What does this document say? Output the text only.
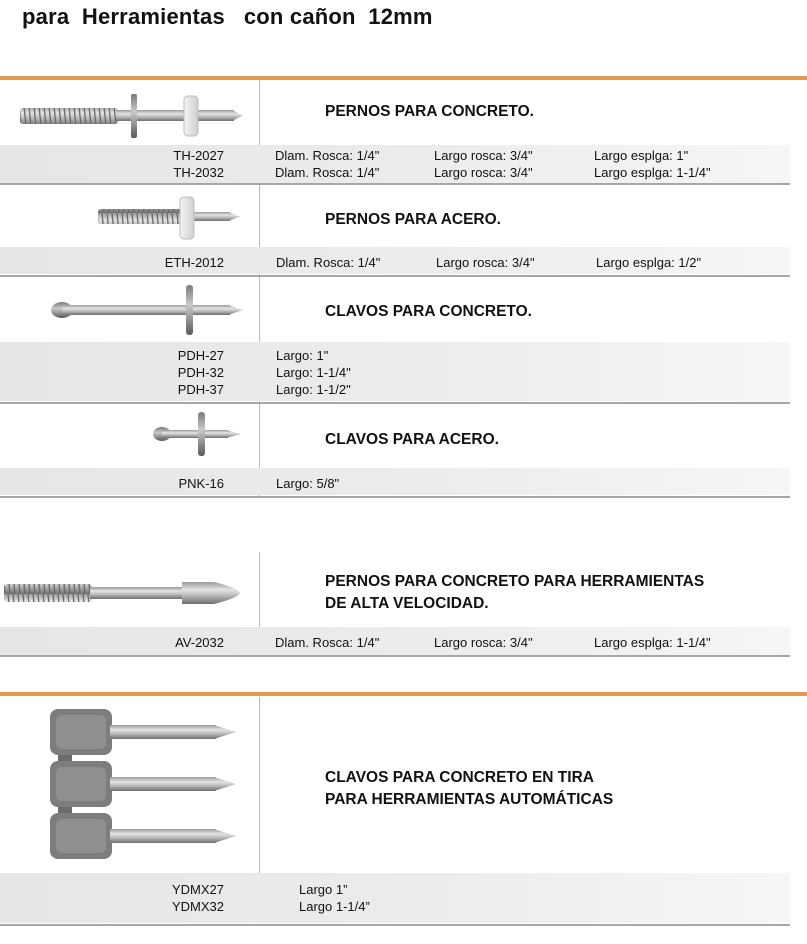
para  Herramientas   con cañon  12mm
PERNOS PARA CONCRETO.
TH-2027	Dlam. Rosca: 1/4"	Largo rosca: 3/4"	Largo esplga: 1"
TH-2032	Dlam. Rosca: 1/4"	Largo rosca: 3/4"	Largo esplga: 1-1/4"
PERNOS PARA ACERO.
ETH-2012	Dlam. Rosca: 1/4"	Largo rosca: 3/4"	Largo esplga: 1/2"
CLAVOS PARA CONCRETO.
PDH-27	Largo: 1"
PDH-32	Largo: 1-1/4"
PDH-37	Largo: 1-1/2"
CLAVOS PARA ACERO.
PNK-16	Largo: 5/8"
PERNOS PARA CONCRETO PARA HERRAMIENTAS
DE ALTA VELOCIDAD.
AV-2032	Dlam. Rosca: 1/4"	Largo rosca: 3/4"	Largo esplga: 1-1/4"
CLAVOS PARA CONCRETO EN TIRA
PARA HERRAMIENTAS AUTOMÁTICAS
YDMX27	Largo 1”
YDMX32	Largo 1-1/4”
